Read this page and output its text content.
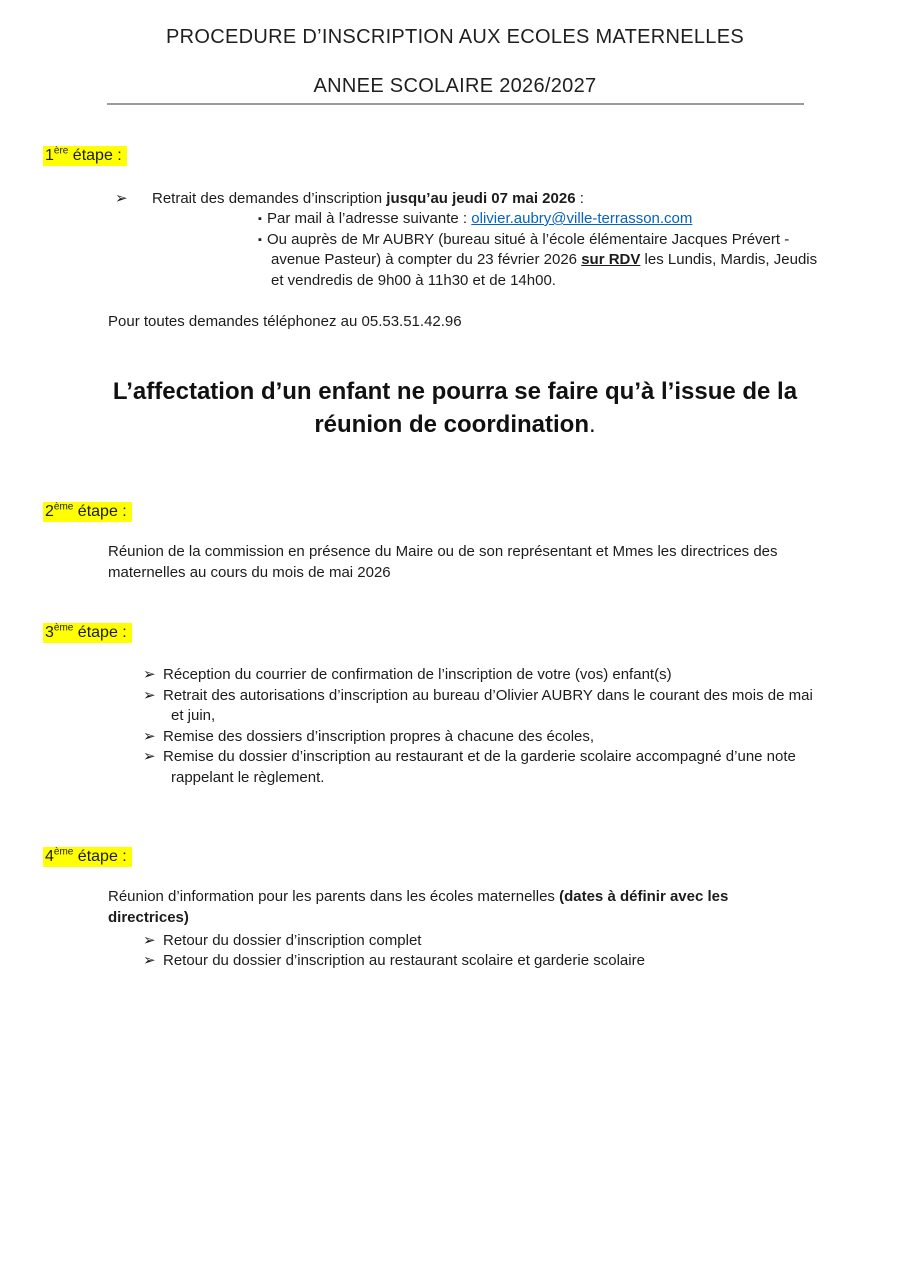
PROCEDURE D’INSCRIPTION AUX ECOLES MATERNELLES
ANNEE SCOLAIRE 2026/2027
1ère étape :
➢	Retrait des demandes d’inscription jusqu’au jeudi 07 mai 2026 :
▪ Par mail à l’adresse suivante : olivier.aubry@ville-terrasson.com
▪ Ou auprès de Mr AUBRY (bureau situé à l’école élémentaire Jacques Prévert - avenue Pasteur) à compter du 23 février 2026 sur RDV les Lundis, Mardis, Jeudis et vendredis de 9h00 à 11h30 et de 14h00.

Pour toutes demandes téléphonez au 05.53.51.42.96

L’affectation d’un enfant ne pourra se faire qu’à l’issue de la
réunion de coordination.
2ème étape :

Réunion de la commission en présence du Maire ou de son représentant et Mmes les directrices des maternelles au cours du mois de mai 2026

3ème étape :
➢ Réception du courrier de confirmation de l’inscription de votre (vos) enfant(s)
➢ Retrait des autorisations d’inscription au bureau d’Olivier AUBRY dans le courant des mois de mai et juin,
➢ Remise des dossiers d’inscription propres à chacune des écoles,
➢ Remise du dossier d’inscription au restaurant et de la garderie scolaire accompagné d’une note rappelant le règlement.
4ème étape :

Réunion d’information pour les parents dans les écoles maternelles (dates à définir avec les directrices)

➢ Retour du dossier d’inscription complet
➢ Retour du dossier d’inscription au restaurant scolaire et garderie scolaire
